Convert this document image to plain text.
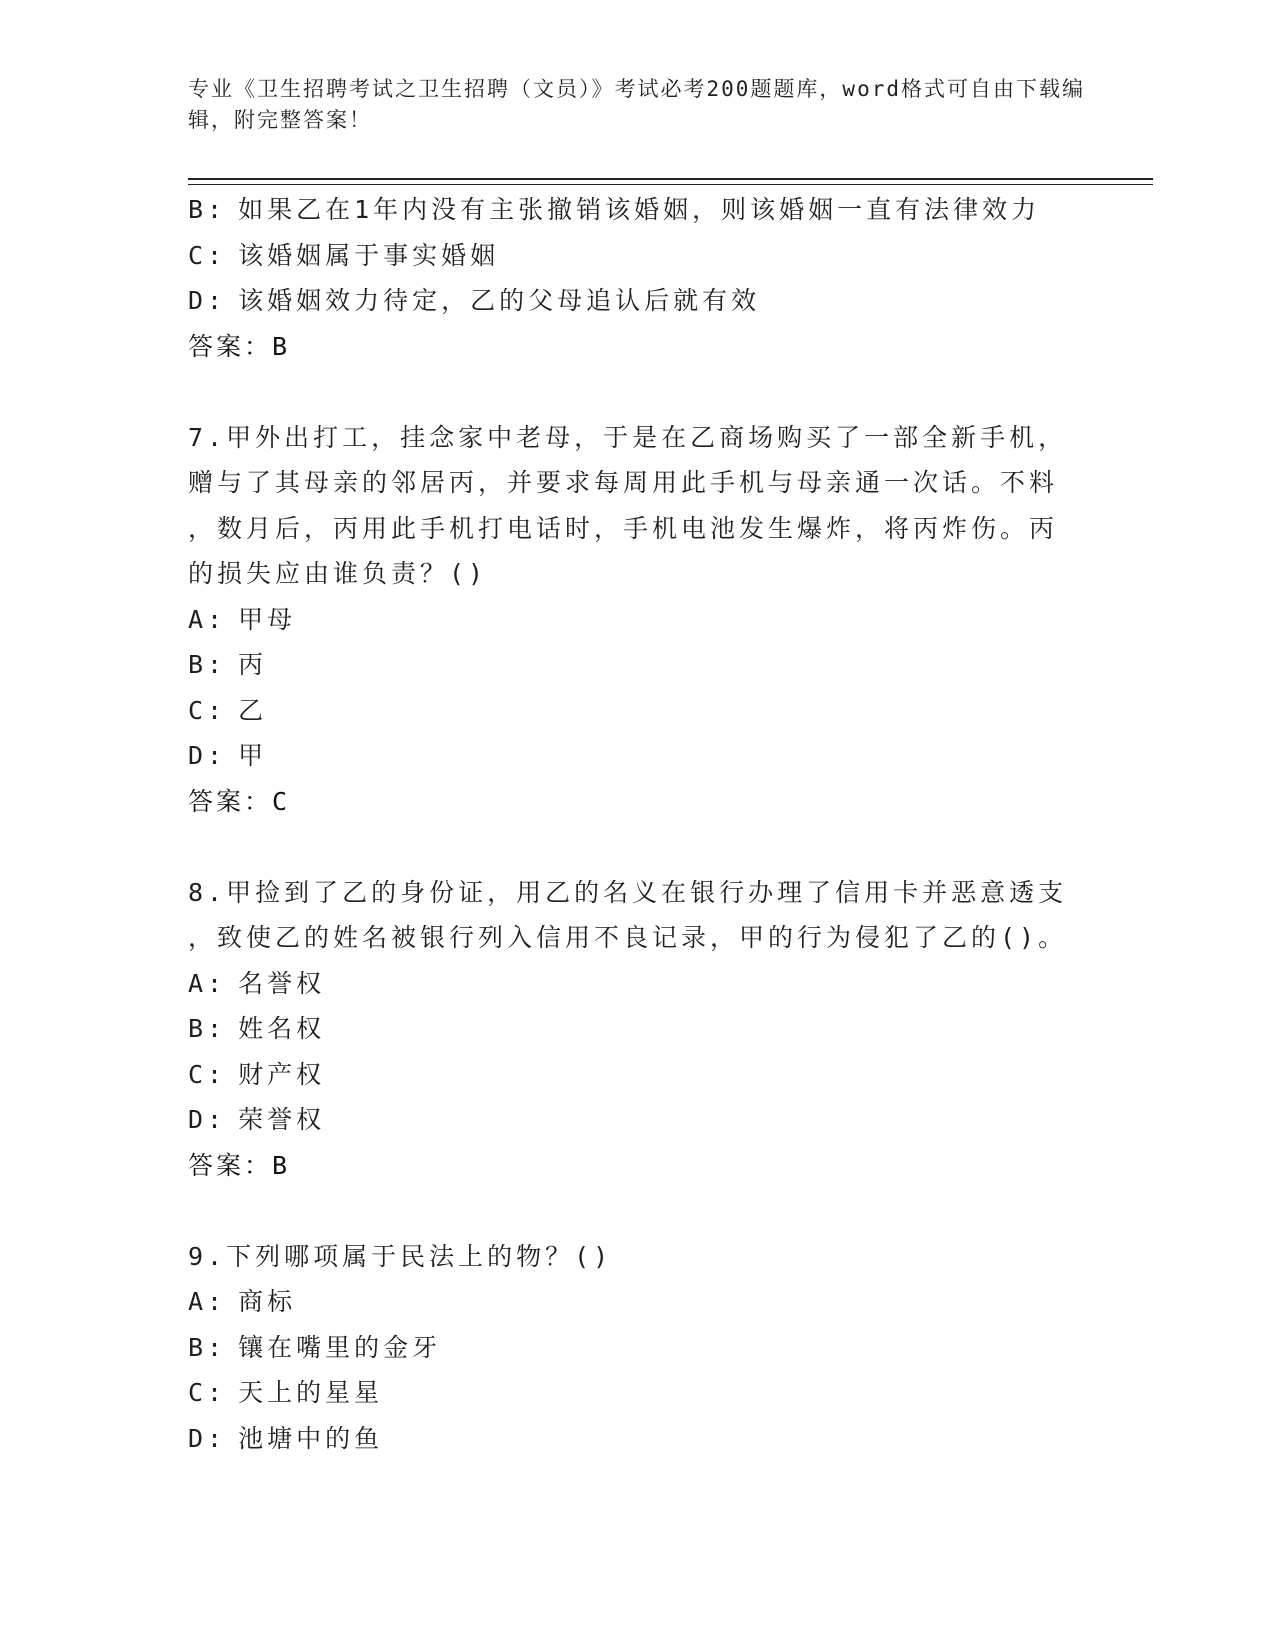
专业《卫生招聘考试之卫生招聘（文员）》考试必考200题题库，word格式可自由下载编辑，附完整答案！
B: 如果乙在1年内没有主张撤销该婚姻，则该婚姻一直有法律效力
C: 该婚姻属于事实婚姻
D: 该婚姻效力待定，乙的父母追认后就有效
答案：B
7.甲外出打工，挂念家中老母，于是在乙商场购买了一部全新手机，
赠与了其母亲的邻居丙，并要求每周用此手机与母亲通一次话。不料
，数月后，丙用此手机打电话时，手机电池发生爆炸，将丙炸伤。丙
的损失应由谁负责？()
A: 甲母
B: 丙
C: 乙
D: 甲
答案：C
8.甲捡到了乙的身份证，用乙的名义在银行办理了信用卡并恶意透支
，致使乙的姓名被银行列入信用不良记录，甲的行为侵犯了乙的()。
A: 名誉权
B: 姓名权
C: 财产权
D: 荣誉权
答案：B
9.下列哪项属于民法上的物？()
A: 商标
B: 镶在嘴里的金牙
C: 天上的星星
D: 池塘中的鱼
